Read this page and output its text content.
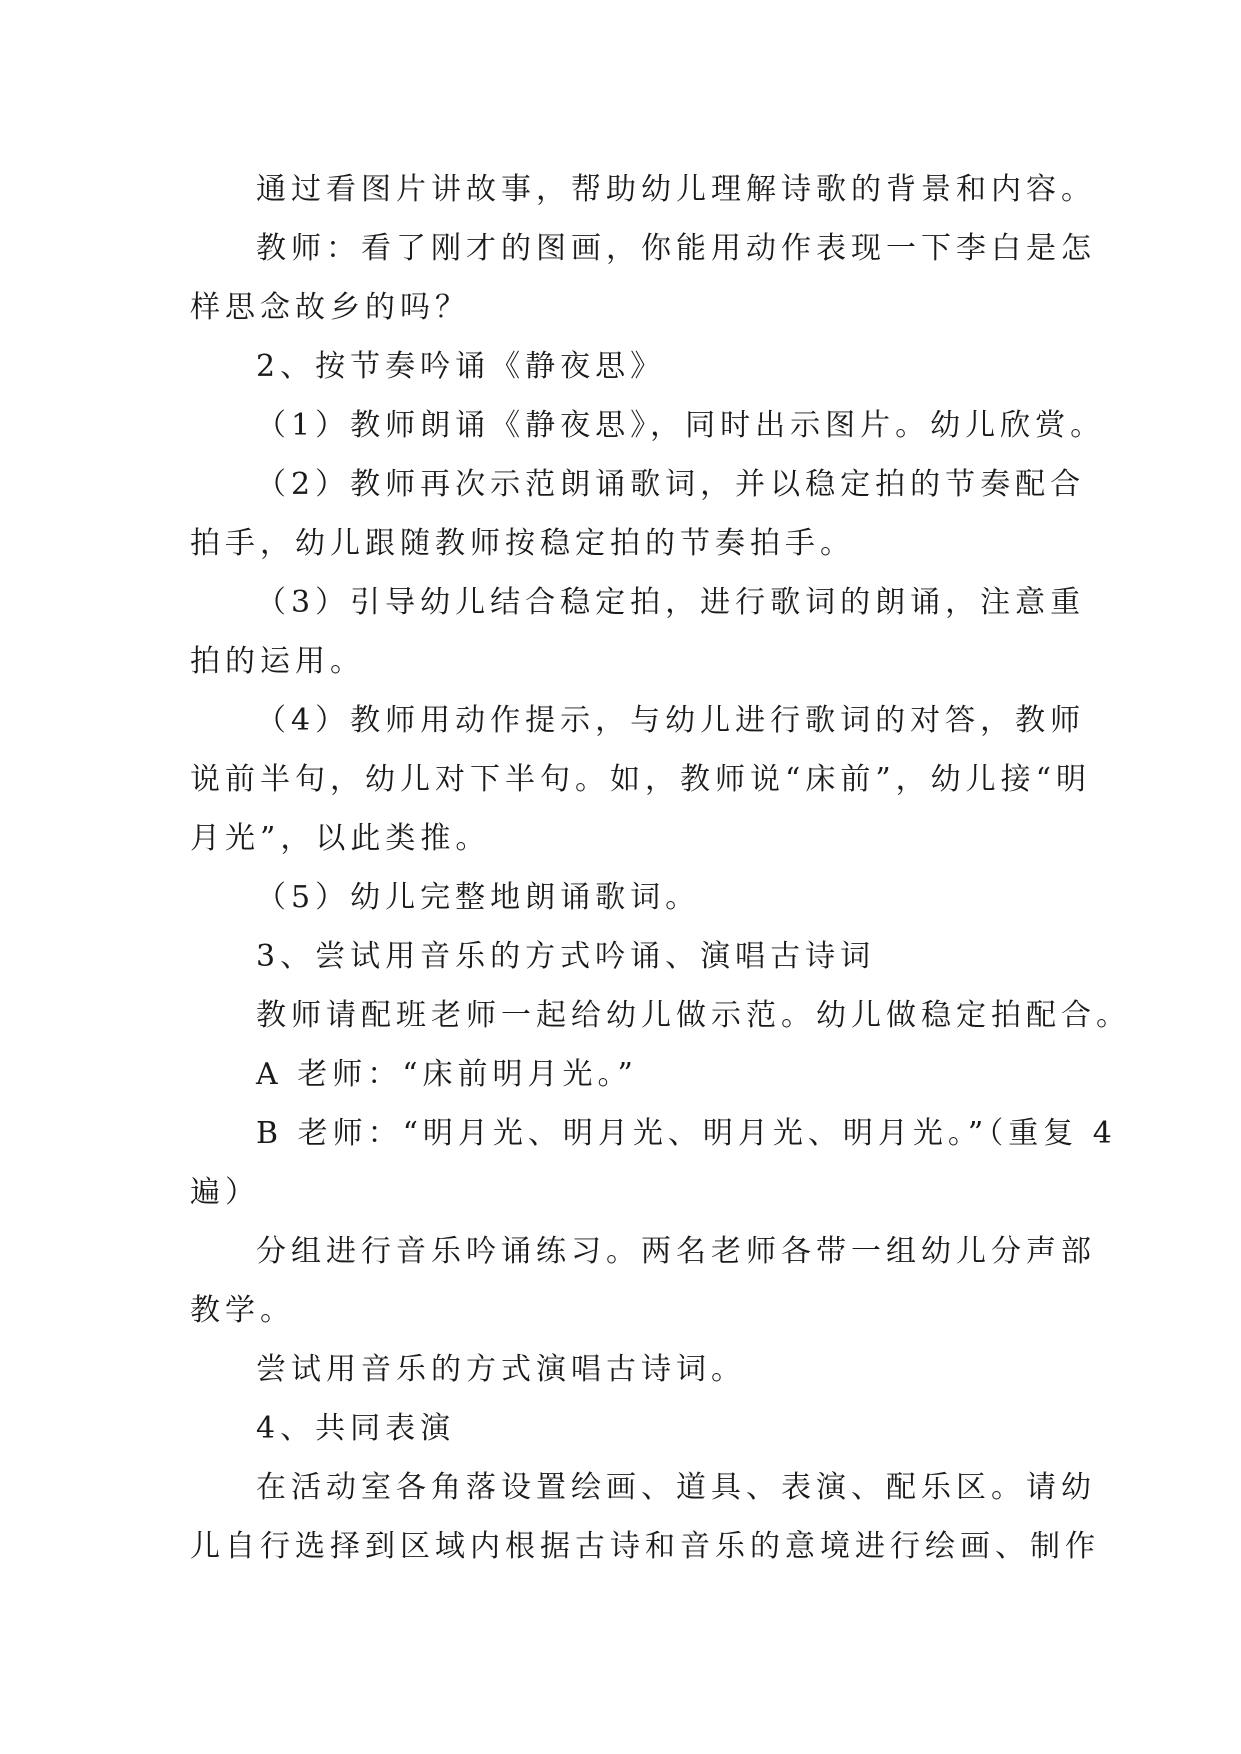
通过看图片讲故事，帮助幼儿理解诗歌的背景和内容。
教师：看了刚才的图画，你能用动作表现一下李白是怎
样思念故乡的吗？
2、按节奏吟诵《静夜思》
（1）教师朗诵《静夜思》，同时出示图片。幼儿欣赏。
（2）教师再次示范朗诵歌词，并以稳定拍的节奏配合
拍手，幼儿跟随教师按稳定拍的节奏拍手。
（3）引导幼儿结合稳定拍，进行歌词的朗诵，注意重
拍的运用。
（4）教师用动作提示，与幼儿进行歌词的对答，教师
说前半句，幼儿对下半句。如，教师说“床前”，幼儿接“明
月光”，以此类推。
（5）幼儿完整地朗诵歌词。
3、尝试用音乐的方式吟诵、演唱古诗词
教师请配班老师一起给幼儿做示范。幼儿做稳定拍配合。
A 老师：“床前明月光。”
B 老师：“明月光、明月光、明月光、明月光。”（重复 4
遍）
分组进行音乐吟诵练习。两名老师各带一组幼儿分声部
教学。
尝试用音乐的方式演唱古诗词。
4、共同表演
在活动室各角落设置绘画、道具、表演、配乐区。请幼
儿自行选择到区域内根据古诗和音乐的意境进行绘画、制作
